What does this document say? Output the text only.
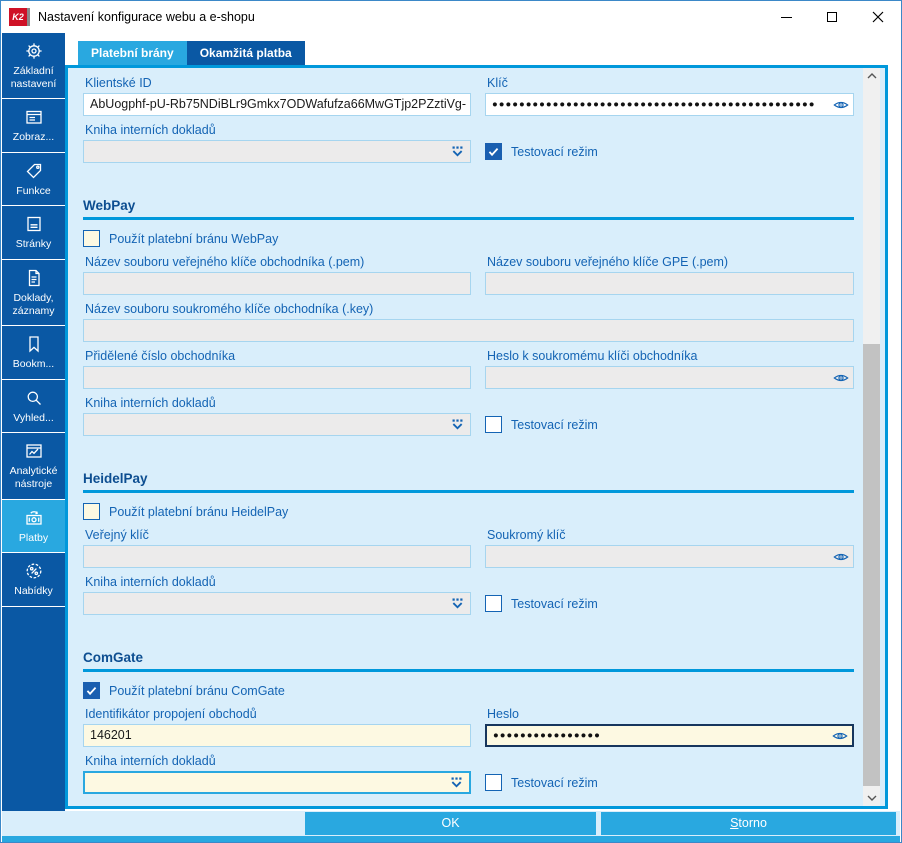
K2 Nastavení konfigurace webu a e-shopu
Základní nastavení
Zobraz...
Funkce
Stránky
Doklady, záznamy
Bookm...
Vyhled...
Analytické nástroje
Platby
Nabídky
Platební brány	Okamžitá platba
Klientské ID
AbUogphf-pU-Rb75NDiBLr9Gmkx7ODWafufza66MwGTjp2PZztiVg-
Klíč
●●●●●●●●●●●●●●●●●●●●●●●●●●●●●●●●●●●●●●●●●●●●●●●●
Kniha interních dokladů
Testovací režim
WebPay
Použít platební bránu WebPay
Název souboru veřejného klíče obchodníka (.pem)	Název souboru veřejného klíče GPE (.pem)
Název souboru soukromého klíče obchodníka (.key)
Přidělené číslo obchodníka	Heslo k soukromému klíči obchodníka
Kniha interních dokladů
Testovací režim
HeidelPay
Použít platební bránu HeidelPay
Veřejný klíč	Soukromý klíč
Kniha interních dokladů
Testovací režim
ComGate
Použít platební bránu ComGate
Identifikátor propojení obchodů
146201
Heslo
●●●●●●●●●●●●●●●●
Kniha interních dokladů
Testovací režim
OK	Storno
